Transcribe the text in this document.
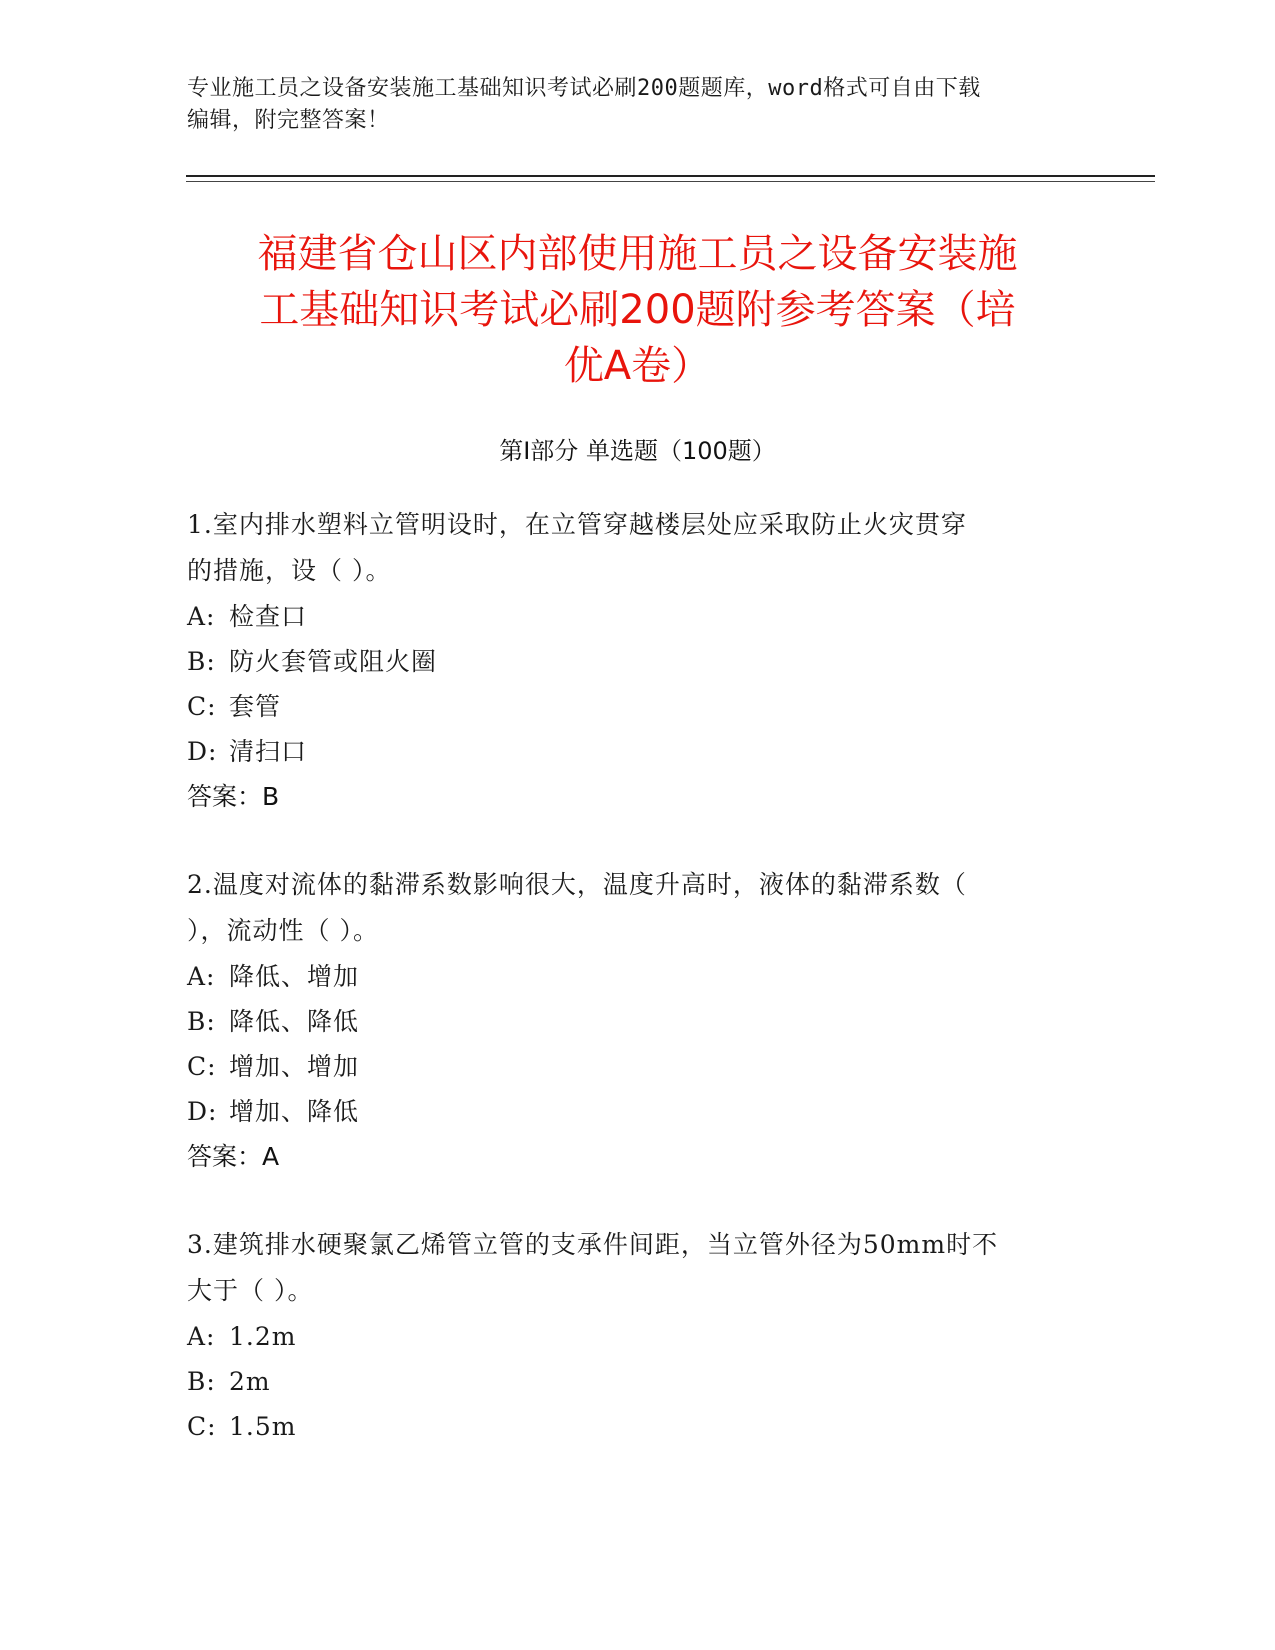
专业施工员之设备安装施工基础知识考试必刷200题题库，word格式可自由下载
编辑，附完整答案！
福建省仓山区内部使用施工员之设备安装施
工基础知识考试必刷200题附参考答案（培
优A卷）
第I部分 单选题（100题）
1.室内排水塑料立管明设时，在立管穿越楼层处应采取防止火灾贯穿
的措施，设（ ）。
A: 检查口
B: 防火套管或阻火圈
C: 套管
D: 清扫口
答案：B
2.温度对流体的黏滞系数影响很大，温度升高时，液体的黏滞系数（
），流动性（ ）。
A: 降低、增加
B: 降低、降低
C: 增加、增加
D: 增加、降低
答案：A
3.建筑排水硬聚氯乙烯管立管的支承件间距，当立管外径为50mm时不
大于（ ）。
A: 1.2m
B: 2m
C: 1.5m
